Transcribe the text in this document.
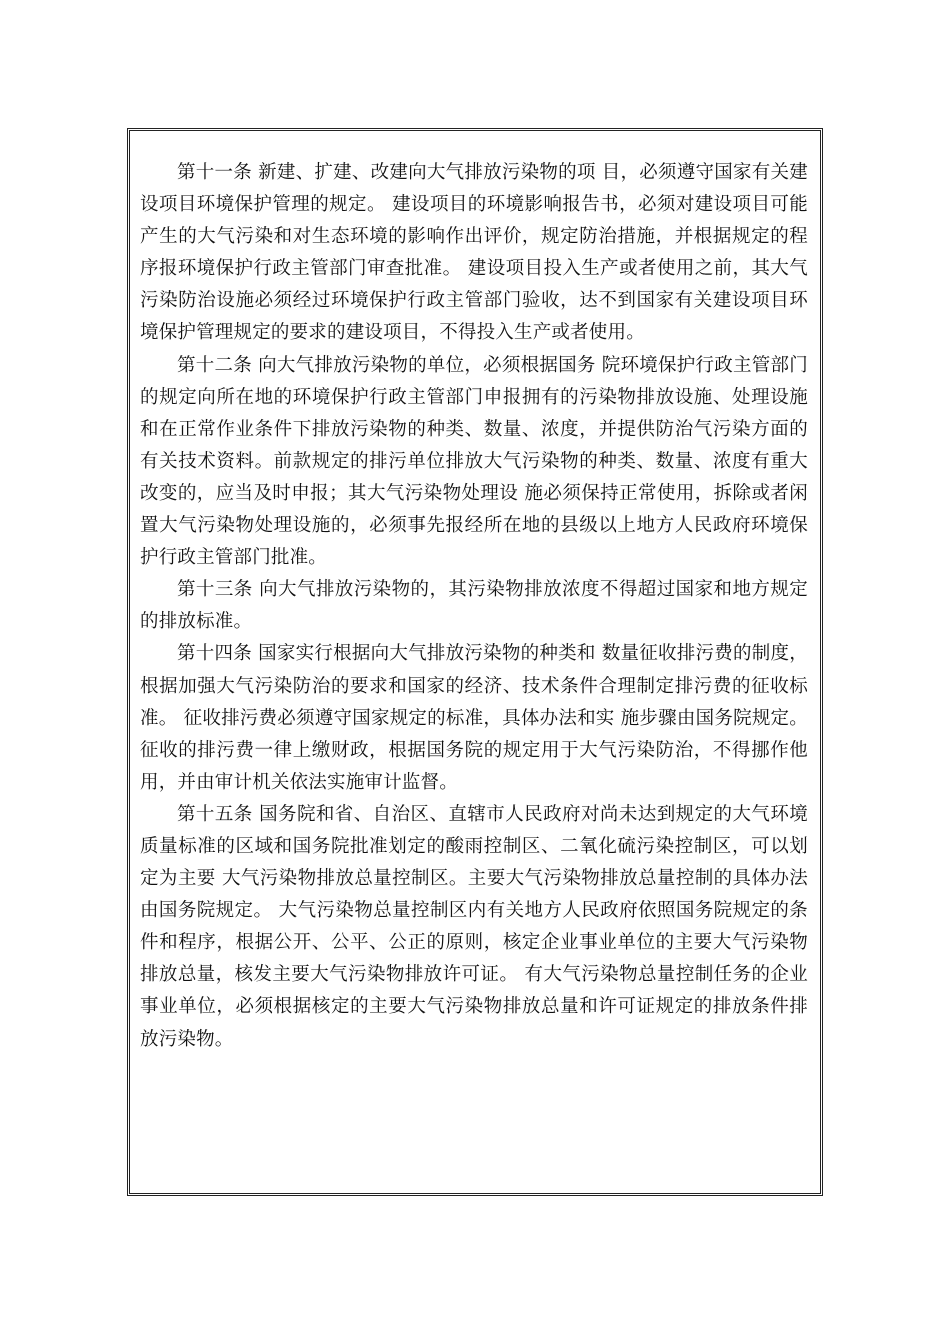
第十一条 新建、扩建、改建向大气排放污染物的项 目，必须遵守国家有关建设项目环境保护管理的规定。 建设项目的环境影响报告书，必须对建设项目可能产生的大气污染和对生态环境的影响作出评价，规定防治措施，并根据规定的程序报环境保护行政主管部门审查批准。 建设项目投入生产或者使用之前，其大气污染防治设施必须经过环境保护行政主管部门验收，达不到国家有关建设项目环境保护管理规定的要求的建设项目，不得投入生产或者使用。

第十二条 向大气排放污染物的单位，必须根据国务 院环境保护行政主管部门的规定向所在地的环境保护行政主管部门申报拥有的污染物排放设施、处理设施和在正常作业条件下排放污染物的种类、数量、浓度，并提供防治气污染方面的有关技术资料。前款规定的排污单位排放大气污染物的种类、数量、浓度有重大改变的，应当及时申报；其大气污染物处理设 施必须保持正常使用，拆除或者闲置大气污染物处理设施的，必须事先报经所在地的县级以上地方人民政府环境保护行政主管部门批准。

第十三条 向大气排放污染物的，其污染物排放浓度不得超过国家和地方规定的排放标准。

第十四条 国家实行根据向大气排放污染物的种类和 数量征收排污费的制度，根据加强大气污染防治的要求和国家的经济、技术条件合理制定排污费的征收标准。 征收排污费必须遵守国家规定的标准，具体办法和实 施步骤由国务院规定。 征收的排污费一律上缴财政，根据国务院的规定用于大气污染防治，不得挪作他用，并由审计机关依法实施审计监督。

第十五条 国务院和省、自治区、直辖市人民政府对尚未达到规定的大气环境质量标准的区域和国务院批准划定的酸雨控制区、二氧化硫污染控制区，可以划定为主要 大气污染物排放总量控制区。主要大气污染物排放总量控制的具体办法由国务院规定。 大气污染物总量控制区内有关地方人民政府依照国务院规定的条件和程序，根据公开、公平、公正的原则，核定企业事业单位的主要大气污染物排放总量，核发主要大气污染物排放许可证。 有大气污染物总量控制任务的企业事业单位，必须根据核定的主要大气污染物排放总量和许可证规定的排放条件排放污染物。
